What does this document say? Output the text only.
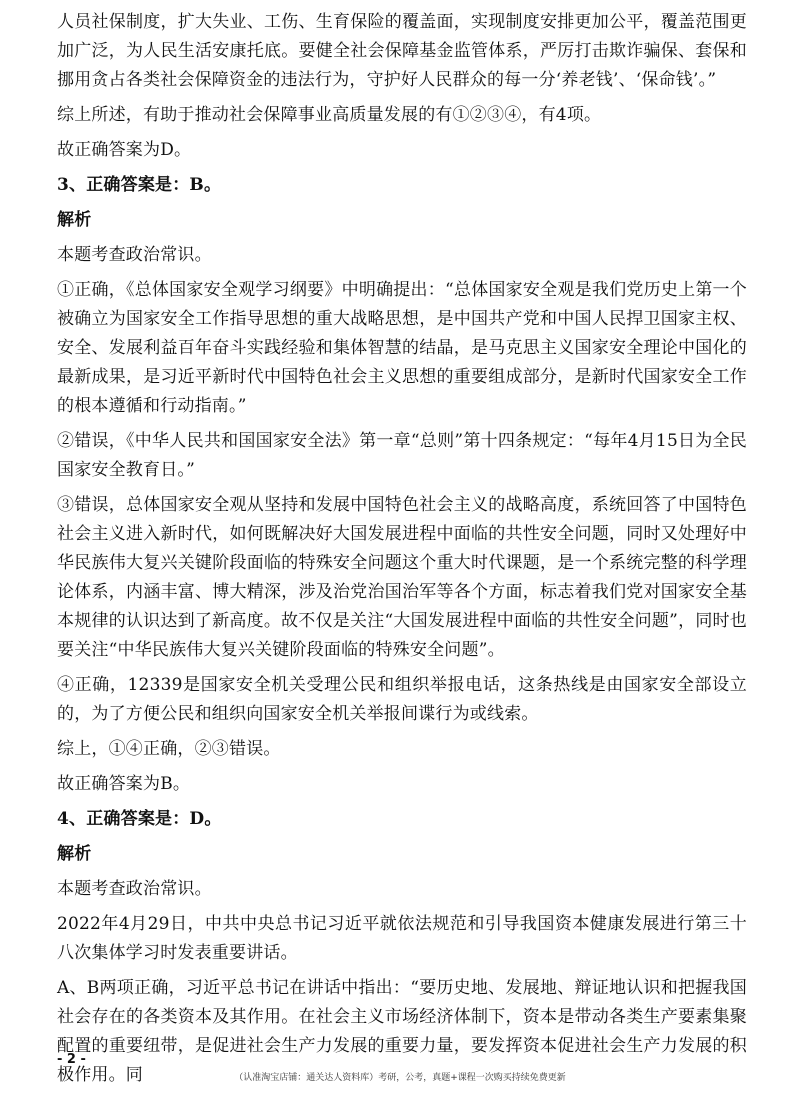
人员社保制度，扩大失业、工伤、生育保险的覆盖面，实现制度安排更加公平，覆盖范围更加广泛，为人民生活安康托底。要健全社会保障基金监管体系，严厉打击欺诈骗保、套保和挪用贪占各类社会保障资金的违法行为，守护好人民群众的每一分‘养老钱’、‘保命钱’。”

综上所述，有助于推动社会保障事业高质量发展的有①②③④，有4项。

故正确答案为D。

3、正确答案是：B。

解析

本题考查政治常识。

①正确，《总体国家安全观学习纲要》中明确提出：“总体国家安全观是我们党历史上第一个被确立为国家安全工作指导思想的重大战略思想，是中国共产党和中国人民捍卫国家主权、安全、发展利益百年奋斗实践经验和集体智慧的结晶，是马克思主义国家安全理论中国化的最新成果，是习近平新时代中国特色社会主义思想的重要组成部分，是新时代国家安全工作的根本遵循和行动指南。”

②错误，《中华人民共和国国家安全法》第一章“总则”第十四条规定：“每年4月15日为全民国家安全教育日。”

③错误，总体国家安全观从坚持和发展中国特色社会主义的战略高度，系统回答了中国特色社会主义进入新时代，如何既解决好大国发展进程中面临的共性安全问题，同时又处理好中华民族伟大复兴关键阶段面临的特殊安全问题这个重大时代课题，是一个系统完整的科学理论体系，内涵丰富、博大精深，涉及治党治国治军等各个方面，标志着我们党对国家安全基本规律的认识达到了新高度。故不仅是关注“大国发展进程中面临的共性安全问题”，同时也要关注“中华民族伟大复兴关键阶段面临的特殊安全问题”。

④正确，12339是国家安全机关受理公民和组织举报电话，这条热线是由国家安全部设立的，为了方便公民和组织向国家安全机关举报间谍行为或线索。

综上，①④正确，②③错误。

故正确答案为B。

4、正确答案是：D。

解析

本题考查政治常识。

2022年4月29日，中共中央总书记习近平就依法规范和引导我国资本健康发展进行第三十八次集体学习时发表重要讲话。

A、B两项正确，习近平总书记在讲话中指出：“要历史地、发展地、辩证地认识和把握我国社会存在的各类资本及其作用。在社会主义市场经济体制下，资本是带动各类生产要素集聚配置的重要纽带，是促进社会生产力发展的重要力量，要发挥资本促进社会生产力发展的积极作用。同

- 2 -
（认准淘宝店铺：通关达人资料库）考研，公考，真题+课程一次购买持续免费更新
